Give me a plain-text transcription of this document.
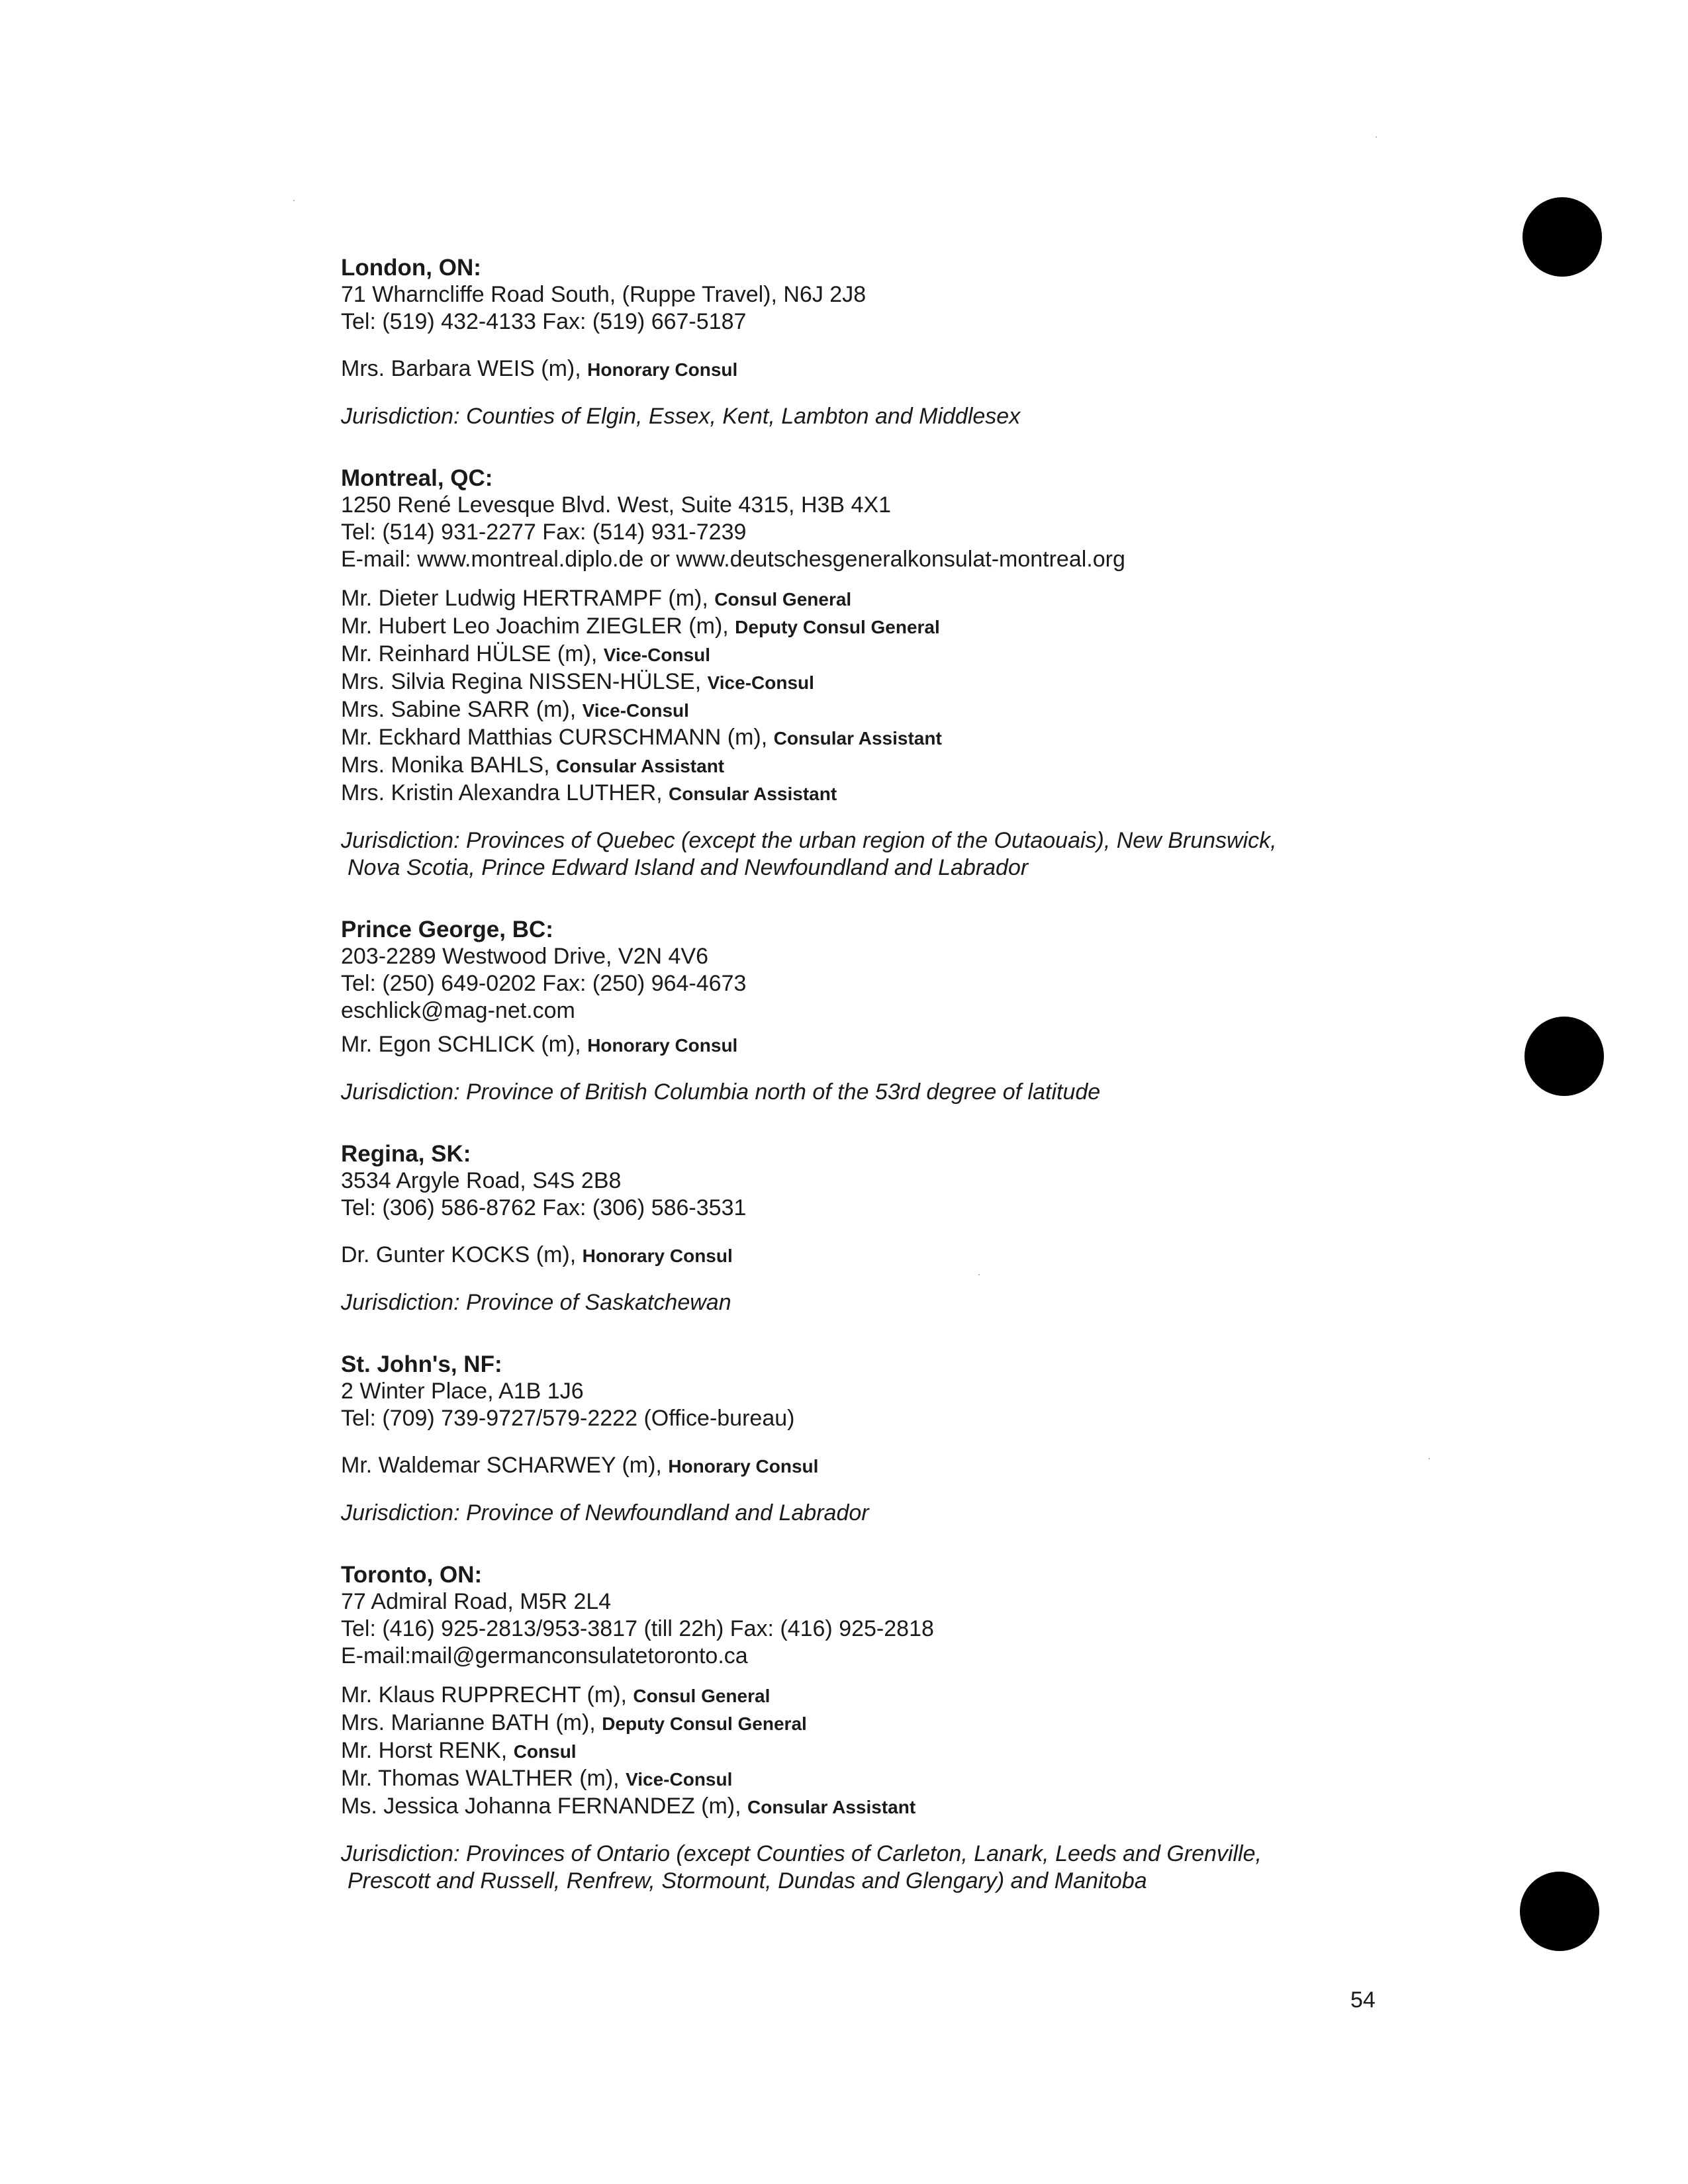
London, ON:
71 Wharncliffe Road South, (Ruppe Travel), N6J 2J8
Tel: (519) 432-4133 Fax: (519) 667-5187
Mrs. Barbara WEIS (m), Honorary Consul
Jurisdiction: Counties of Elgin, Essex, Kent, Lambton and Middlesex
Montreal, QC:
1250 René Levesque Blvd. West, Suite 4315, H3B 4X1
Tel: (514) 931-2277 Fax: (514) 931-7239
E-mail: www.montreal.diplo.de or www.deutschesgeneralkonsulat-montreal.org
Mr. Dieter Ludwig HERTRAMPF (m), Consul General
Mr. Hubert Leo Joachim ZIEGLER (m), Deputy Consul General
Mr. Reinhard HÜLSE (m), Vice-Consul
Mrs. Silvia Regina NISSEN-HÜLSE, Vice-Consul
Mrs. Sabine SARR (m), Vice-Consul
Mr. Eckhard Matthias CURSCHMANN (m), Consular Assistant
Mrs. Monika BAHLS, Consular Assistant
Mrs. Kristin Alexandra LUTHER, Consular Assistant
Jurisdiction: Provinces of Quebec (except the urban region of the Outaouais), New Brunswick,
Nova Scotia, Prince Edward Island and Newfoundland and Labrador
Prince George, BC:
203-2289 Westwood Drive, V2N 4V6
Tel: (250) 649-0202 Fax: (250) 964-4673
eschlick@mag-net.com
Mr. Egon SCHLICK (m), Honorary Consul
Jurisdiction: Province of British Columbia north of the 53rd degree of latitude
Regina, SK:
3534 Argyle Road, S4S 2B8
Tel: (306) 586-8762 Fax: (306) 586-3531
Dr. Gunter KOCKS (m), Honorary Consul
Jurisdiction: Province of Saskatchewan
St. John's, NF:
2 Winter Place, A1B 1J6
Tel: (709) 739-9727/579-2222 (Office-bureau)
Mr. Waldemar SCHARWEY (m), Honorary Consul
Jurisdiction: Province of Newfoundland and Labrador
Toronto, ON:
77 Admiral Road, M5R 2L4
Tel: (416) 925-2813/953-3817 (till 22h) Fax: (416) 925-2818
E-mail:mail@germanconsulatetoronto.ca
Mr. Klaus RUPPRECHT (m), Consul General
Mrs. Marianne BATH (m), Deputy Consul General
Mr. Horst RENK, Consul
Mr. Thomas WALTHER (m), Vice-Consul
Ms. Jessica Johanna FERNANDEZ (m), Consular Assistant
Jurisdiction: Provinces of Ontario (except Counties of Carleton, Lanark, Leeds and Grenville,
Prescott and Russell, Renfrew, Stormount, Dundas and Glengary) and Manitoba
54
